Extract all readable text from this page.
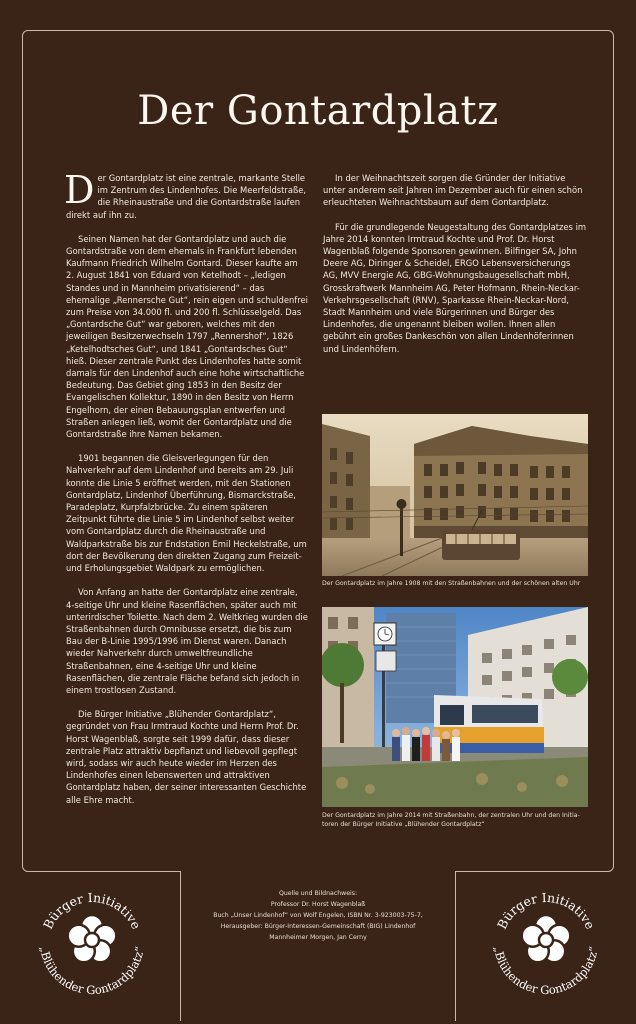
Der Gontardplatz

Der Gontardplatz ist eine zentrale, markante Stelle im Zentrum des Lindenhofes. Die Meerfeldstraße, die Rheinaustraße und die Gontardstraße laufen direkt auf ihn zu.

Seinen Namen hat der Gontardplatz und auch die Gontardstraße von dem ehemals in Frankfurt lebenden Kaufmann Friedrich Wilhelm Gontard. Dieser kaufte am 2. August 1841 von Eduard von Ketelhodt – „ledigen Standes und in Mannheim privatisierend“ – das ehemalige „Rennersche Gut“, rein eigen und schuldenfrei zum Preise von 34.000 fl. und 200 fl. Schlüsselgeld. Das „Gontardsche Gut“ war geboren, welches mit den jeweiligen Besitzerwechseln 1797 „Rennershof“, 1826 „Ketelhodtsches Gut“, und 1841 „Gontardsches Gut“ hieß. Dieser zentrale Punkt des Lindenhofes hatte somit damals für den Lindenhof auch eine hohe wirtschaftliche Bedeutung. Das Gebiet ging 1853 in den Besitz der Evangelischen Kollektur, 1890 in den Besitz von Herrn Engelhorn, der einen Bebauungsplan entwerfen und Straßen anlegen ließ, womit der Gontardplatz und die Gontardstraße ihre Namen bekamen.

1901 begannen die Gleisverlegungen für den Nahverkehr auf dem Lindenhof und bereits am 29. Juli konnte die Linie 5 eröffnet werden, mit den Stationen Gontardplatz, Lindenhof Überführung, Bismarckstraße, Paradeplatz, Kurpfalzbrücke. Zu einem späteren Zeitpunkt führte die Linie 5 im Lindenhof selbst weiter vom Gontardplatz durch die Rheinaustraße und Waldparkstraße bis zur Endstation Emil Heckelstraße, um dort der Bevölkerung den direkten Zugang zum Freizeit- und Erholungsgebiet Waldpark zu ermöglichen.

Von Anfang an hatte der Gontardplatz eine zentrale, 4-seitige Uhr und kleine Rasenflächen, später auch mit unterirdischer Toilette. Nach dem 2. Weltkrieg wurden die Straßenbahnen durch Omnibusse ersetzt, die bis zum Bau der B-Linie 1995/1996 im Dienst waren. Danach wieder Nahverkehr durch umweltfreundliche Straßenbahnen, eine 4-seitige Uhr und kleine Rasenflächen, die zentrale Fläche befand sich jedoch in einem trostlosen Zustand.

Die Bürger Initiative „Blühender Gontardplatz“, gegründet von Frau Irmtraud Kochte und Herrn Prof. Dr. Horst Wagenblaß, sorgte seit 1999 dafür, dass dieser zentrale Platz attraktiv bepflanzt und liebevoll gepflegt wird, sodass wir auch heute wieder im Herzen des Lindenhofes einen lebenswerten und attraktiven Gontardplatz haben, der seiner interessanten Geschichte alle Ehre macht.

In der Weihnachtszeit sorgen die Gründer der Initiative unter anderem seit Jahren im Dezember auch für einen schön erleuchteten Weihnachtsbaum auf dem Gontardplatz.

Für die grundlegende Neugestaltung des Gontardplatzes im Jahre 2014 konnten Irmtraud Kochte und Prof. Dr. Horst Wagenblaß folgende Sponsoren gewinnen. Bilfinger SA, John Deere AG, Diringer & Scheidel, ERGO Lebensversicherungs AG, MVV Energie AG, GBG-Wohnungsbaugesellschaft mbH, Grosskraftwerk Mannheim AG, Peter Hofmann, Rhein-Neckar-Verkehrsgesellschaft (RNV), Sparkasse Rhein-Neckar-Nord, Stadt Mannheim und viele Bürgerinnen und Bürger des Lindenhofes, die ungenannt bleiben wollen. Ihnen allen gebührt ein großes Dankeschön von allen Lindenhöferinnen und Lindenhöfern.

Der Gontardplatz im Jahre 1908 mit den Straßenbahnen und der schönen alten Uhr
Der Gontardplatz im Jahre 2014 mit Straßenbahn, der zentralen Uhr und den Initia-
toren der Bürger Initiative „Blühender Gontardplatz“
Quelle und Bildnachweis:
Professor Dr. Horst Wagenblaß
Buch „Unser Lindenhof“ von Wolf Engelen, ISBN Nr. 3-923003-75-7,
Herausgeber: Bürger-Interessen-Gemeinschaft (BIG) Lindenhof
Mannheimer Morgen, Jan Cerny
Bürger Initiative
„Blühender Gontardplatz“
Bürger Initiative
„Blühender Gontardplatz“
